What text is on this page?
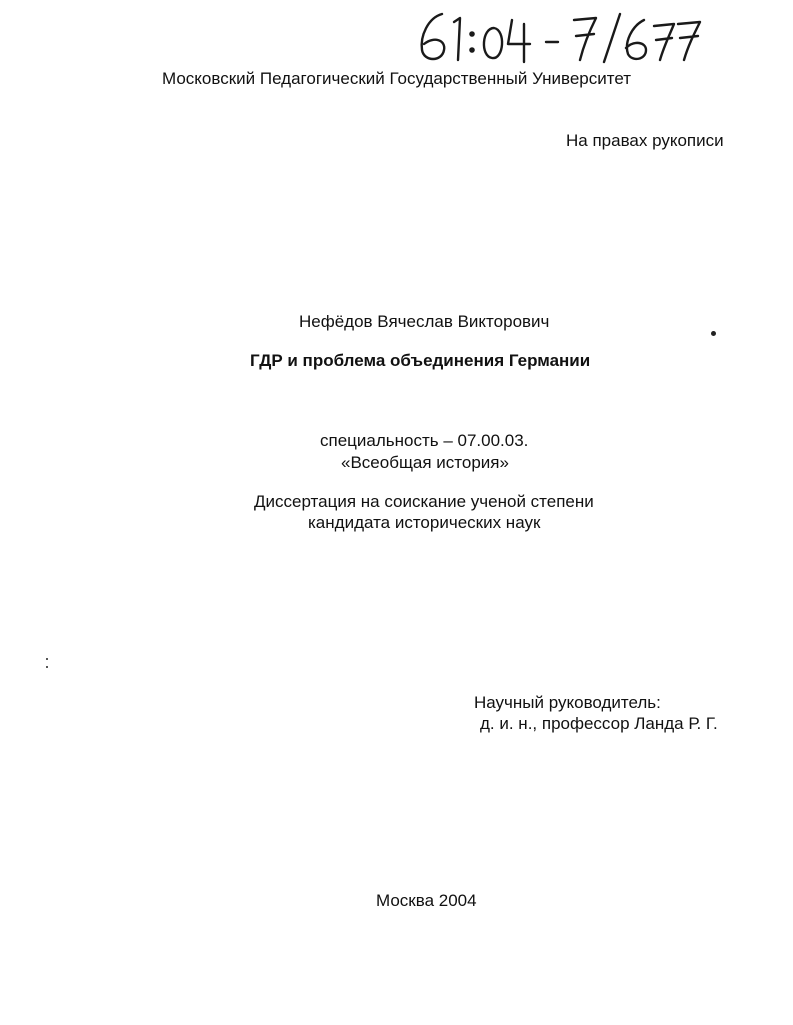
Московский Педагогический Государственный Университет
На правах рукописи
Нефёдов Вячеслав Викторович
ГДР и проблема объединения Германии
специальность – 07.00.03.
«Всеобщая история»
Диссертация на соискание ученой степени
кандидата исторических наук
Научный руководитель:
д. и. н., профессор Ланда Р. Г.
Москва 2004
